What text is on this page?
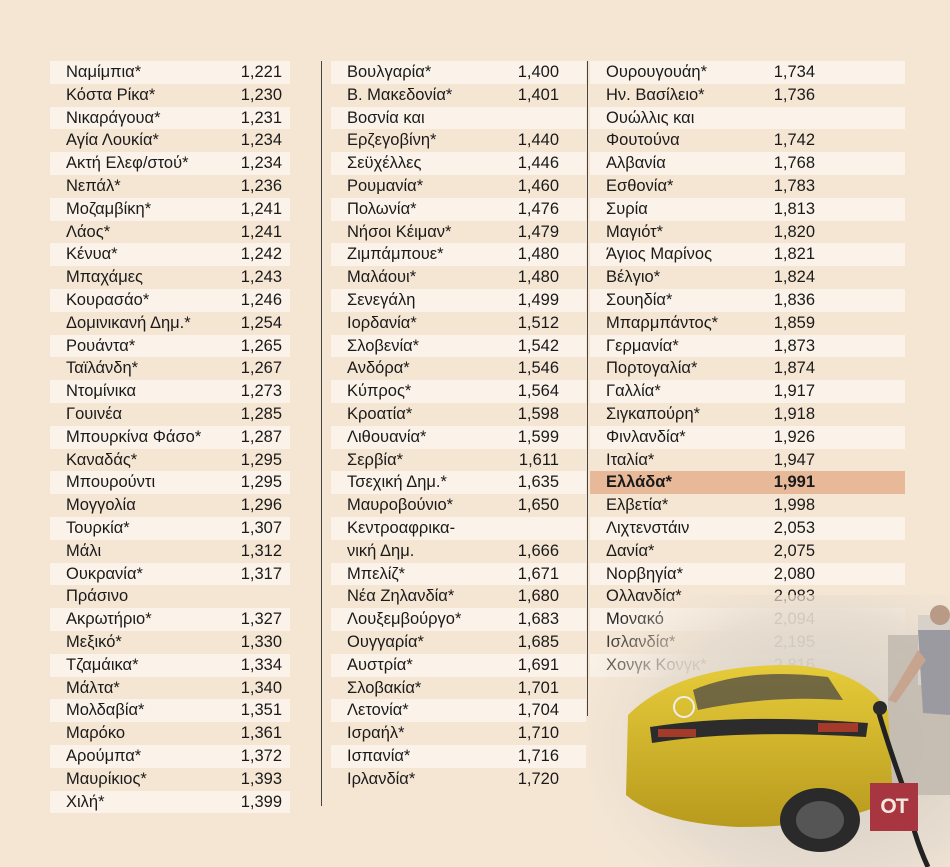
Ναμίμπια*	1,221
Κόστα Ρίκα*	1,230
Νικαράγουα*	1,231
Αγία Λουκία*	1,234
Ακτή Ελεφ/στού*	1,234
Νεπάλ*	1,236
Μοζαμβίκη*	1,241
Λάος*	1,241
Κένυα*	1,242
Μπαχάμες	1,243
Κουρασάο*	1,246
Δομινικανή Δημ.*	1,254
Ρουάντα*	1,265
Ταϊλάνδη*	1,267
Ντομίνικα	1,273
Γουινέα	1,285
Μπουρκίνα Φάσο* 1,287
Καναδάς*	1,295
Μπουρούντι	1,295
Μογγολία	1,296
Τουρκία*	1,307
Μάλι	1,312
Ουκρανία*	1,317
Πράσινο
Ακρωτήριο*	1,327
Μεξικό*	1,330
Τζαμάικα*	1,334
Μάλτα*	1,340
Μολδαβία*	1,351
Μαρόκο	1,361
Αρούμπα*	1,372
Μαυρίκιος*	1,393
Χιλή*	1,399
Βουλγαρία*	1,400
Β. Μακεδονία*	1,401
Βοσνία και
Ερζεγοβίνη*	1,440
Σεϋχέλλες	1,446
Ρουμανία*	1,460
Πολωνία*	1,476
Νήσοι Κέιμαν*	1,479
Ζιμπάμπουε*	1,480
Μαλάουι*	1,480
Σενεγάλη	1,499
Ιορδανία*	1,512
Σλοβενία*	1,542
Ανδόρα*	1,546
Κύπρος*	1,564
Κροατία*	1,598
Λιθουανία*	1,599
Σερβία*	1,611
Τσεχική Δημ.*	1,635
Μαυροβούνιο*	1,650
Κεντροαφρικα-
νική Δημ.	1,666
Μπελίζ*	1,671
Νέα Ζηλανδία*	1,680
Λουξεμβούργο*	1,683
Ουγγαρία*	1,685
Αυστρία*	1,691
Σλοβακία*	1,701
Λετονία*	1,704
Ισραήλ*	1,710
Ισπανία*	1,716
Ιρλανδία*	1,720
Ουρουγουάη*	1,734
Ην. Βασίλειο*	1,736
Ουώλλις και
Φουτούνα	1,742
Αλβανία	1,768
Εσθονία*	1,783
Συρία	1,813
Μαγιότ*	1,820
Άγιος Μαρίνος	1,821
Βέλγιο*	1,824
Σουηδία*	1,836
Μπαρμπάντος*	1,859
Γερμανία*	1,873
Πορτογαλία*	1,874
Γαλλία*	1,917
Σιγκαπούρη*	1,918
Φινλανδία*	1,926
Ιταλία*	1,947
Ελλάδα*	1,991
Ελβετία*	1,998
Λιχτενστάιν	2,053
Δανία*	2,075
Νορβηγία*	2,080
OT
